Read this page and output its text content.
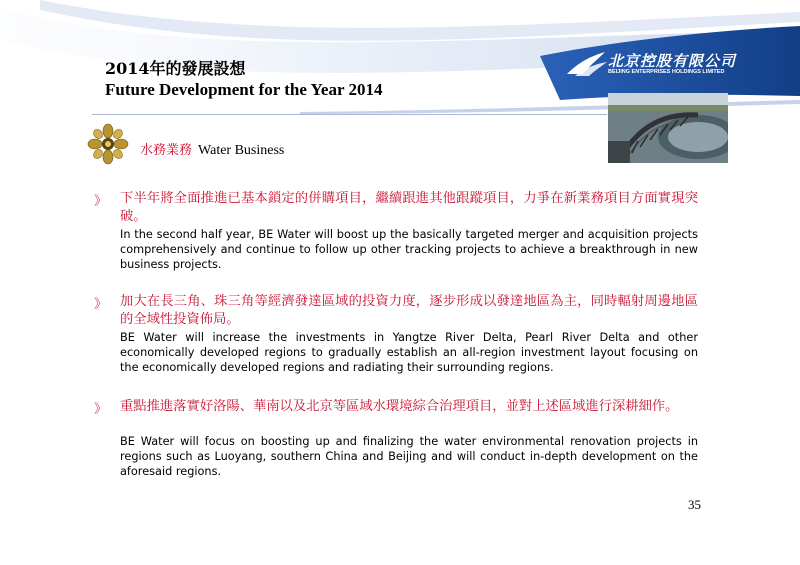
2014年的發展設想
Future Development for the Year 2014
北京控股有限公司
BEIJING ENTERPRISES HOLDINGS LIMITED
水務業務 Water Business
》 下半年將全面推進已基本鎖定的併購項目，繼續跟進其他跟蹤項目，力爭在新業務項目方面實現突破。
In the second half year, BE Water will boost up the basically targeted merger and acquisition projects comprehensively and continue to follow up other tracking projects to achieve a breakthrough in new business projects.
》 加大在長三角、珠三角等經濟發達區域的投資力度，逐步形成以發達地區為主，同時輻射周邊地區的全域性投資佈局。
BE Water will increase the investments in Yangtze River Delta, Pearl River Delta and other economically developed regions to gradually establish an all-region investment layout focusing on the economically developed regions and radiating their surrounding regions.
》 重點推進落實好洛陽、華南以及北京等區域水環境綜合治理項目，並對上述區域進行深耕細作。
BE Water will focus on boosting up and finalizing the water environmental renovation projects in regions such as Luoyang, southern China and Beijing and will conduct in-depth development on the aforesaid regions.
35
